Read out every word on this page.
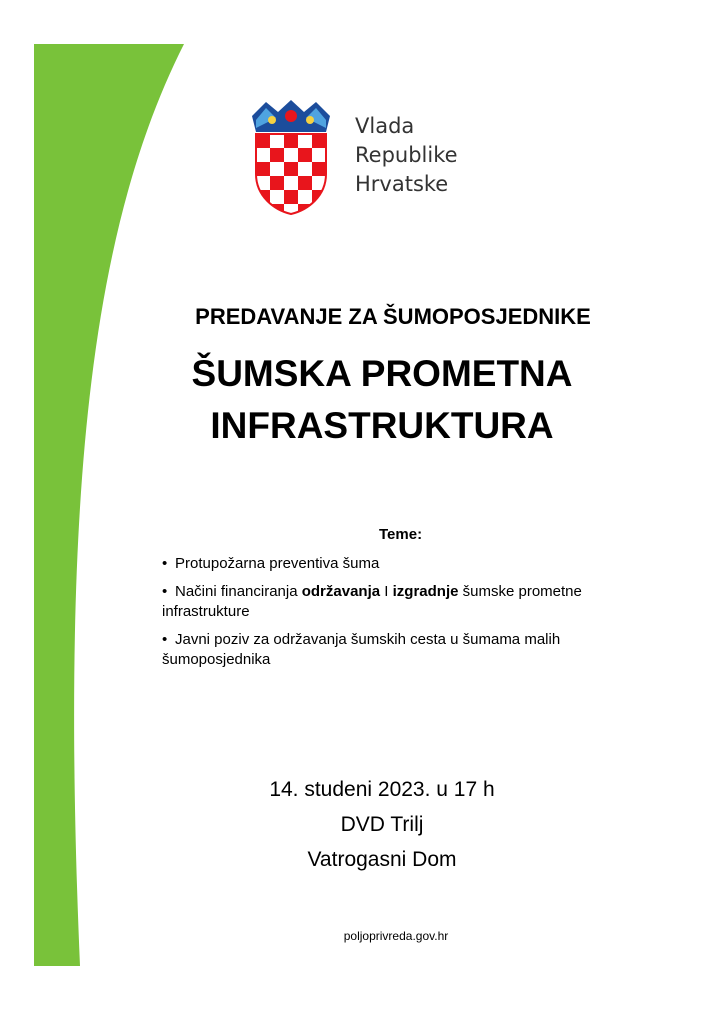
Vlada
Republike
Hrvatske
PREDAVANJE ZA ŠUMOPOSJEDNIKE
ŠUMSKA PROMETNA
INFRASTRUKTURA
Teme:
• Protupožarna preventiva šuma
• Načini financiranja održavanja I izgradnje šumske prometne infrastrukture
• Javni poziv za održavanja šumskih cesta u šumama malih šumoposjednika
14. studeni 2023. u 17 h
DVD Trilj
Vatrogasni Dom
poljoprivreda.gov.hr
